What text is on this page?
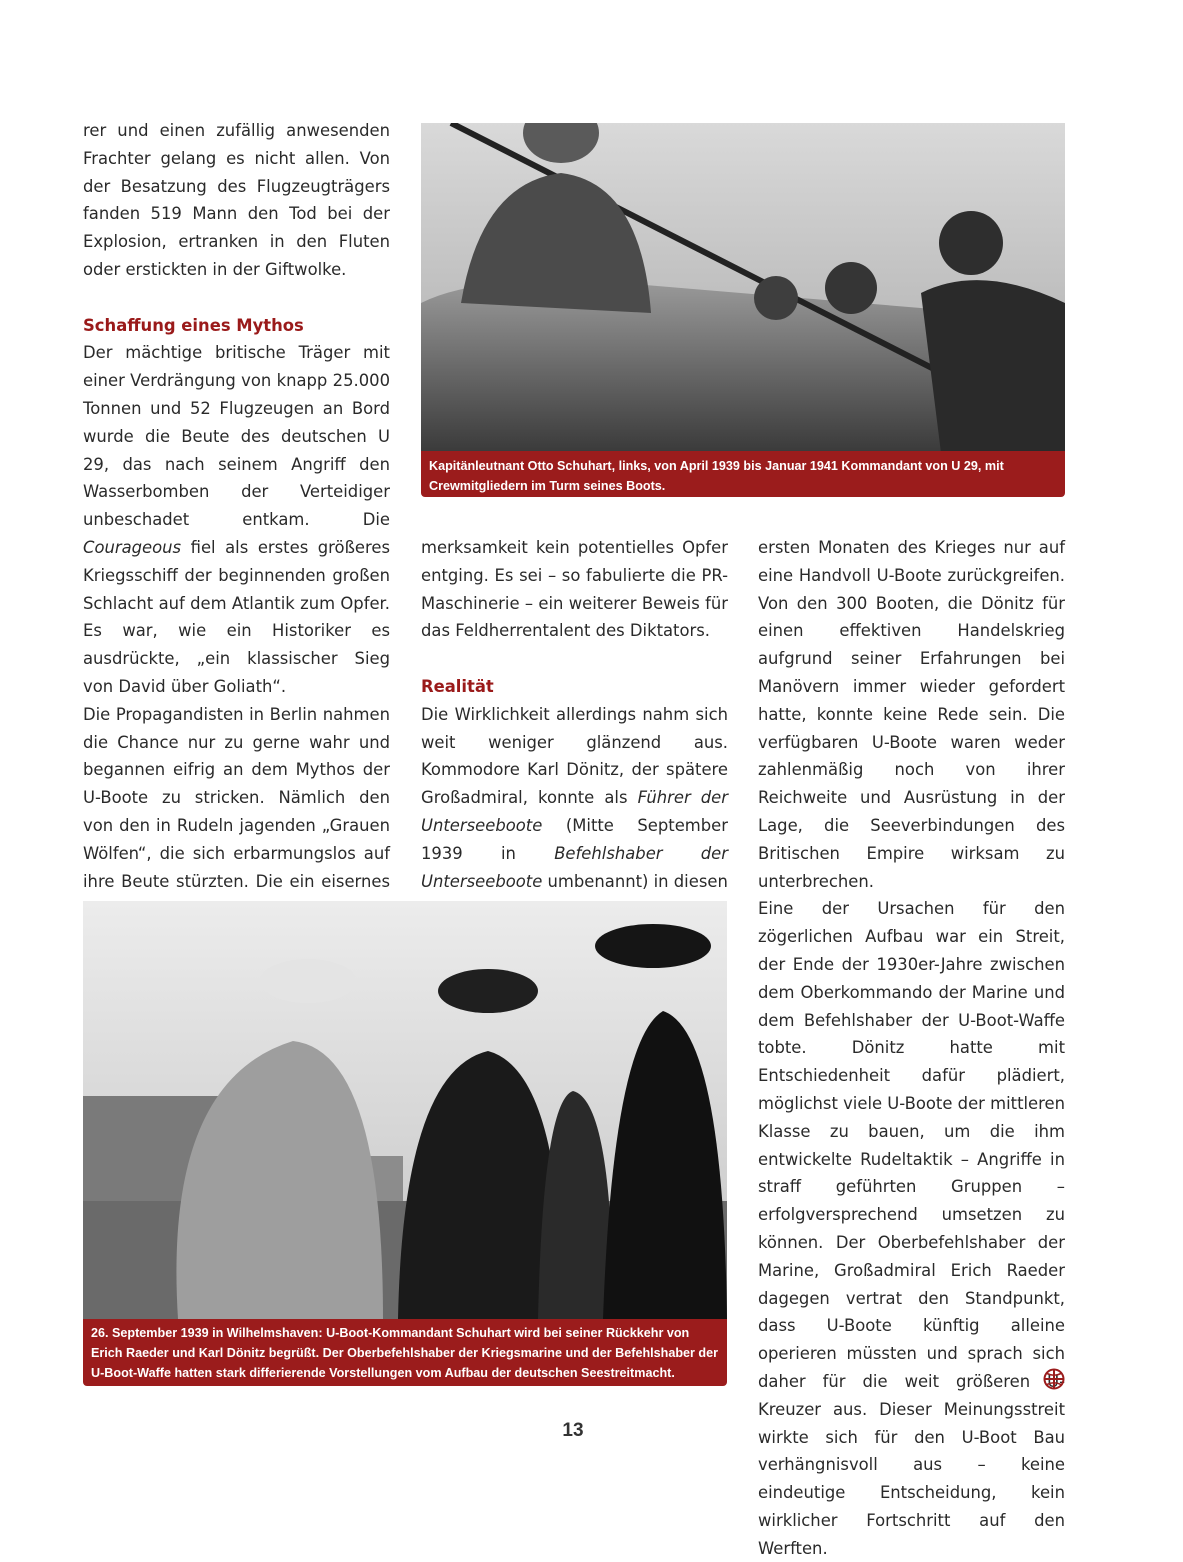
rer und einen zufällig anwesenden Frachter gelang es nicht allen. Von der Besatzung des Flugzeugträgers fanden 519 Mann den Tod bei der Explosion, ertranken in den Fluten oder erstickten in der Giftwolke.

Schaffung eines Mythos

Der mächtige britische Träger mit einer Verdrängung von knapp 25.000 Tonnen und 52 Flugzeugen an Bord wurde die Beute des deutschen U 29, das nach seinem Angriff den Wasserbomben der Verteidiger unbeschadet entkam. Die Courageous fiel als erstes größeres Kriegsschiff der beginnenden großen Schlacht auf dem Atlantik zum Opfer. Es war, wie ein Historiker es ausdrückte, „ein klassischer Sieg von David über Goliath“.

Die Propagandisten in Berlin nahmen die Chance nur zu gerne wahr und begannen eifrig an dem Mythos der U-Boote zu stricken. Nämlich den von den in Rudeln jagenden „Grauen Wölfen“, die sich erbarmungslos auf ihre Beute stürzten. Die ein eisernes

Kapitänleutnant Otto Schuhart, links, von April 1939 bis Januar 1941 Kommandant von U 29, mit Crewmitgliedern im Turm seines Boots.

merksamkeit kein potentielles Opfer entging. Es sei – so fabulierte die PR-Maschinerie – ein weiterer Beweis für das Feldherrentalent des Diktators.

Realität

Die Wirklichkeit allerdings nahm sich weit weniger glänzend aus. Kommodore Karl Dönitz, der spätere Großadmiral, konnte als Führer der Unterseeboote (Mitte September 1939 in Befehlshaber der Unterseeboote umbenannt) in diesen

ersten Monaten des Krieges nur auf eine Handvoll U-Boote zurückgreifen. Von den 300 Booten, die Dönitz für einen effektiven Handelskrieg aufgrund seiner Erfahrungen bei Manövern immer wieder gefordert hatte, konnte keine Rede sein. Die verfügbaren U-Boote waren weder zahlenmäßig noch von ihrer Reichweite und Ausrüstung in der Lage, die Seeverbindungen des Britischen Empire wirksam zu unterbrechen.

Eine der Ursachen für den zögerlichen Aufbau war ein Streit, der Ende der 1930er-Jahre zwischen dem Oberkommando der Marine und dem Befehlshaber der U-Boot-Waffe tobte. Dönitz hatte mit Entschiedenheit dafür plädiert, möglichst viele U-Boote der mittleren Klasse zu bauen, um die ihm entwickelte Rudeltaktik – Angriffe in straff geführten Gruppen – erfolgversprechend umsetzen zu können. Der Oberbefehlshaber der Marine, Großadmiral Erich Raeder dagegen vertrat den Standpunkt, dass U-Boote künftig alleine operieren müssten und sprach sich daher für die weit größeren U-Kreuzer aus. Dieser Meinungsstreit wirkte sich für den U-Boot Bau verhängnisvoll aus – keine eindeutige Entscheidung, kein wirklicher Fortschritt auf den Werften.

26. September 1939 in Wilhelmshaven: U-Boot-Kommandant Schuhart wird bei seiner Rückkehr von Erich Raeder und Karl Dönitz begrüßt. Der Oberbefehlshaber der Kriegsmarine und der Befehlshaber der U-Boot-Waffe hatten stark differierende Vorstellungen vom Aufbau der deutschen Seestreitmacht.
13
